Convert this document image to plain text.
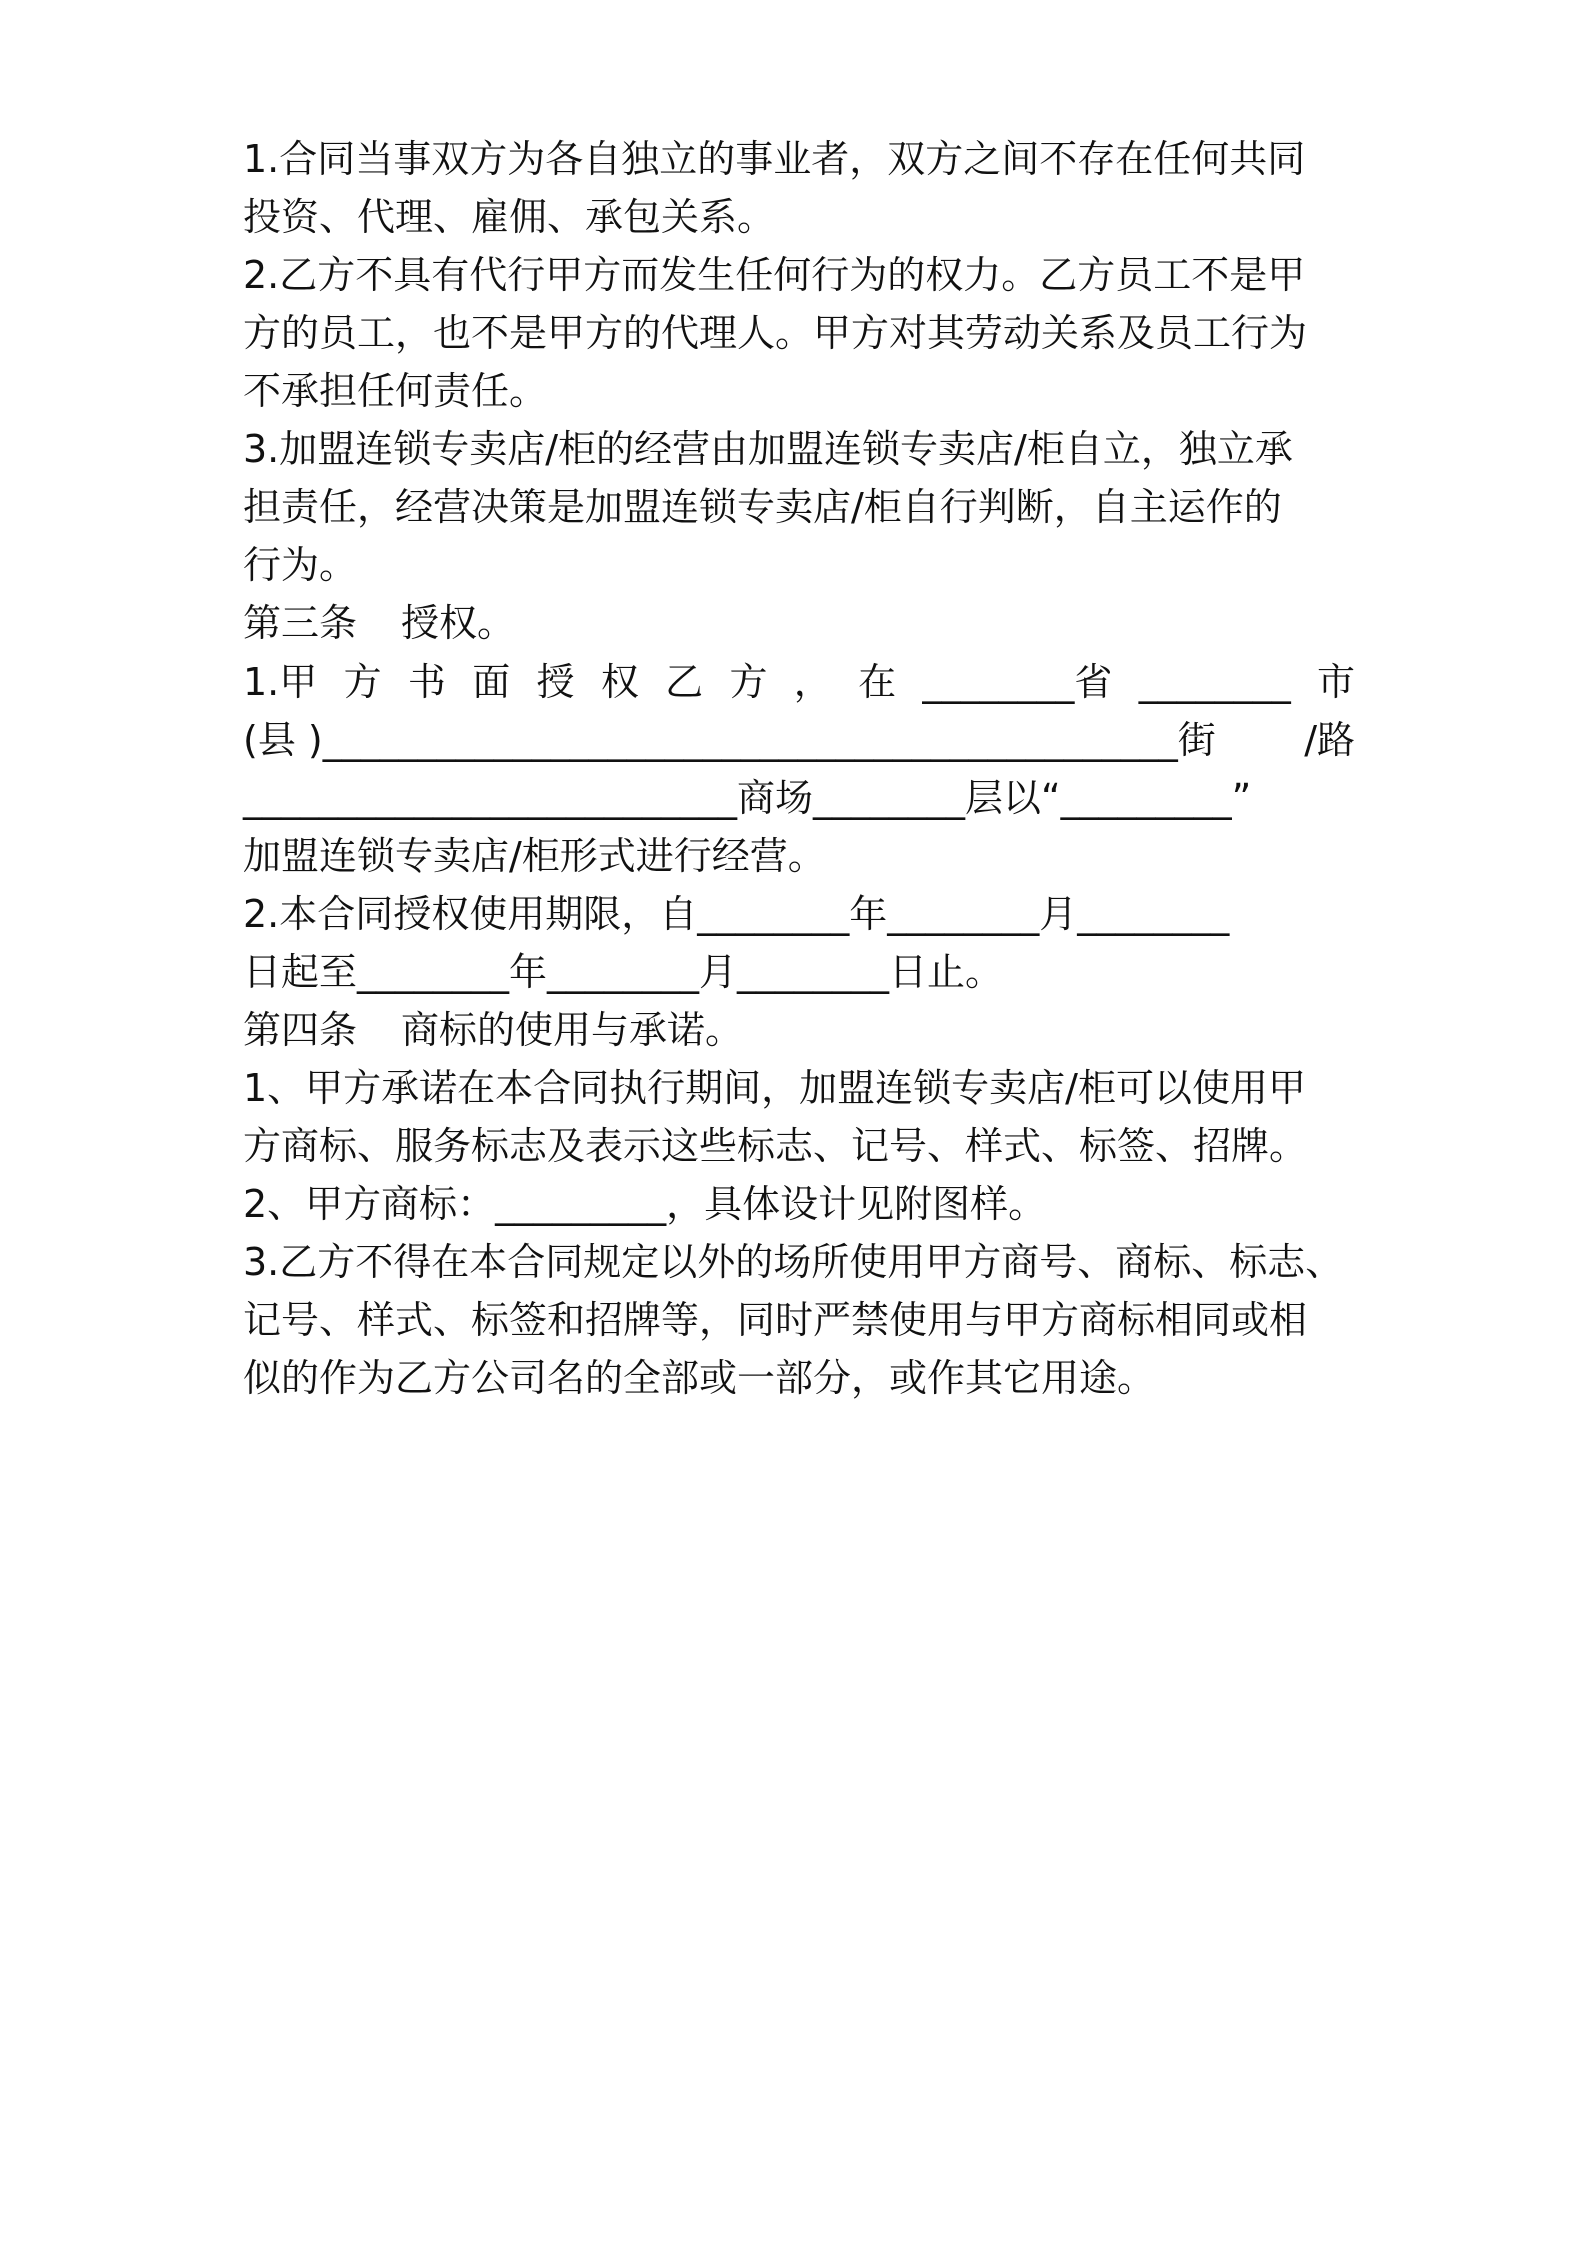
1.合同当事双方为各自独立的事业者，双方之间不存在任何共同

投资、代理、雇佣、承包关系。

2.乙方不具有代行甲方而发生任何行为的权力。乙方员工不是甲

方的员工，也不是甲方的代理人。甲方对其劳动关系及员工行为

不承担任何责任。

3.加盟连锁专卖店/柜的经营由加盟连锁专卖店/柜自立，独立承

担责任，经营决策是加盟连锁专卖店/柜自行判断，自主运作的

行为。

第三条 授权。

1.甲 方 书 面 授 权 乙 方 ， 在 ________省 ________ 市

(县 )_____________________________________________街 /路

__________________________商场________层以“_________”

加盟连锁专卖店/柜形式进行经营。

2.本合同授权使用期限，自________年________月________

日起至________年________月________日止。

第四条 商标的使用与承诺。

1、甲方承诺在本合同执行期间，加盟连锁专卖店/柜可以使用甲

方商标、服务标志及表示这些标志、记号、样式、标签、招牌。

2、甲方商标：_________，具体设计见附图样。

3.乙方不得在本合同规定以外的场所使用甲方商号、商标、标志、

记号、样式、标签和招牌等，同时严禁使用与甲方商标相同或相

似的作为乙方公司名的全部或一部分，或作其它用途。
